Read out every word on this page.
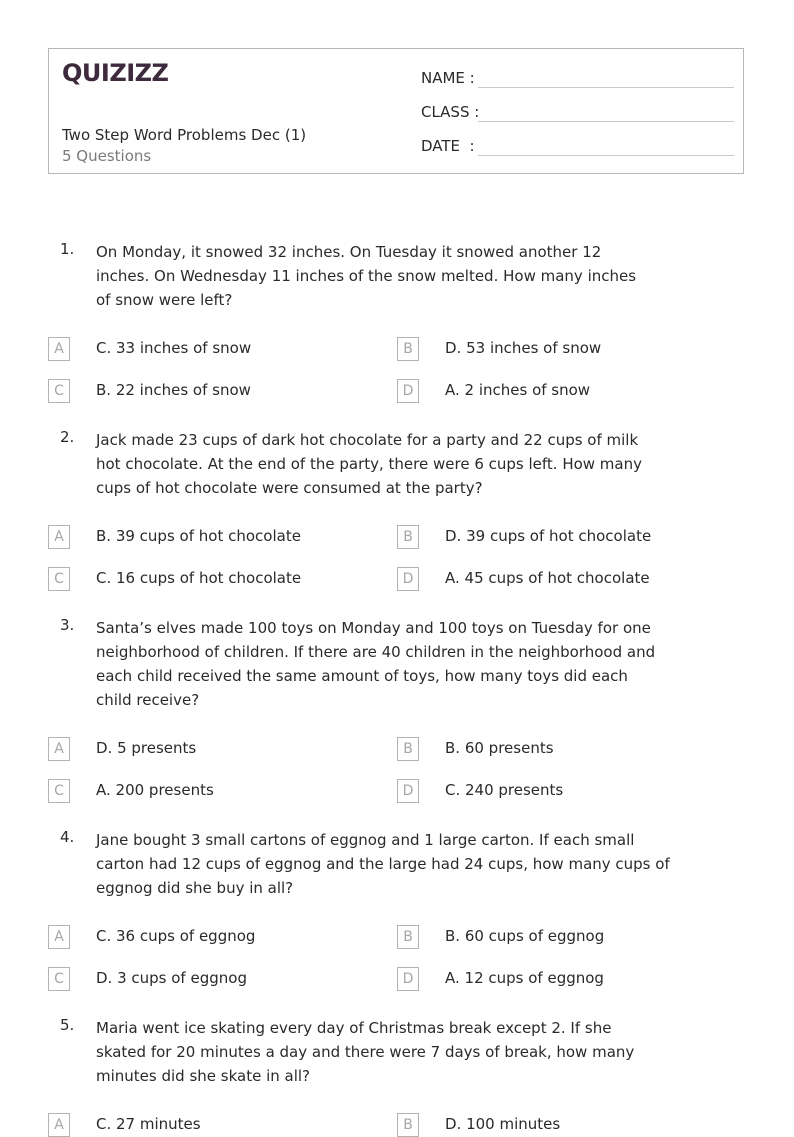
QUIZIZZ
Two Step Word Problems Dec (1)
5 Questions
NAME :
CLASS :
DATE  :
1. On Monday, it snowed 32 inches. On Tuesday it snowed another 12
inches. On Wednesday 11 inches of the snow melted. How many inches
of snow were left?
A	C. 33 inches of snow	B	D. 53 inches of snow
C	B. 22 inches of snow	D	A. 2 inches of snow
2. Jack made 23 cups of dark hot chocolate for a party and 22 cups of milk
hot chocolate. At the end of the party, there were 6 cups left. How many
cups of hot chocolate were consumed at the party?
A	B. 39 cups of hot chocolate	B	D. 39 cups of hot chocolate
C	C. 16 cups of hot chocolate	D	A. 45 cups of hot chocolate
3. Santa’s elves made 100 toys on Monday and 100 toys on Tuesday for one
neighborhood of children. If there are 40 children in the neighborhood and
each child received the same amount of toys, how many toys did each
child receive?
A	D. 5 presents	B	B. 60 presents
C	A. 200 presents	D	C. 240 presents
4. Jane bought 3 small cartons of eggnog and 1 large carton. If each small
carton had 12 cups of eggnog and the large had 24 cups, how many cups of
eggnog did she buy in all?
A	C. 36 cups of eggnog	B	B. 60 cups of eggnog
C	D. 3 cups of eggnog	D	A. 12 cups of eggnog
5. Maria went ice skating every day of Christmas break except 2. If she
skated for 20 minutes a day and there were 7 days of break, how many
minutes did she skate in all?
A	C. 27 minutes	B	D. 100 minutes
